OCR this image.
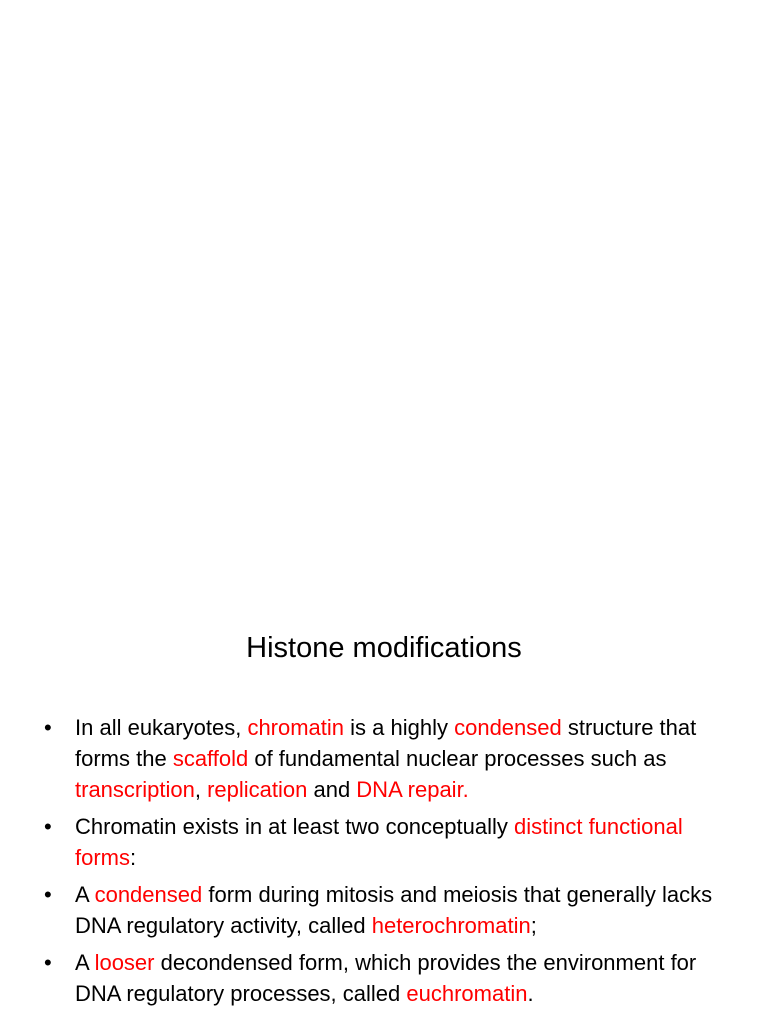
Histone modifications
•	In all eukaryotes, chromatin is a highly condensed structure that forms the scaffold of fundamental nuclear processes such as transcription, replication and DNA repair.
•	Chromatin exists in at least two conceptually distinct functional forms:
•	A condensed form during mitosis and meiosis that generally lacks DNA regulatory activity, called heterochromatin;
•	A looser decondensed form, which provides the environment for DNA regulatory processes, called euchromatin.
